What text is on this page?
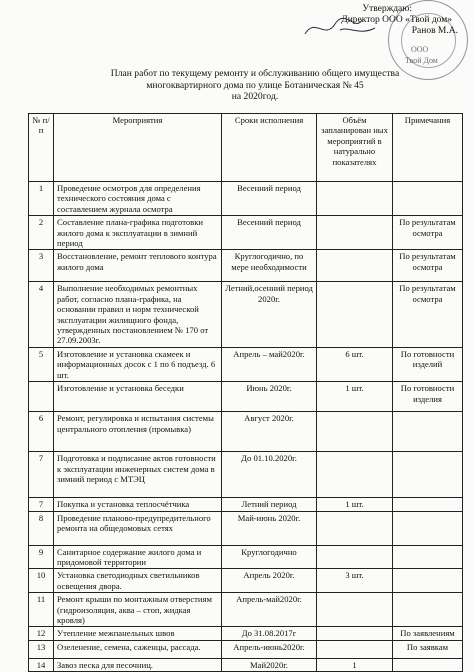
Утверждаю:
Директор ООО «Твой дом»
Ранов М.А.
ООО
Твой Дом
План работ по текущему ремонту и обслуживанию общего имущества
многоквартирного дома по улице Ботаническая № 45
на 2020год.
№ п/п	Мероприятия	Сроки исполнения	Объём запланирован ных мероприятий в натурально показателях	Примечания
1	Проведение осмотров для определения технического состояния дома с составлением журнала осмотра	Весенний период		
2	Составление плана-графика подготовки жилого дома к эксплуатации в зимний период	Весенний период		По результатам осмотра
3	Восстановление, ремонт теплового контура жилого дома	Круглогодично, по мере необходимости		По результатам осмотра
4	Выполнение необходимых ремонтных работ, согласно плана-графика, на основании правил и норм технической эксплуатации жилищного фонда, утвержденных постановлением № 170 от 27.09.2003г.	Летний,осенний период 2020г.		По результатам осмотра
5	Изготовление и установка скамеек и информационных досок с 1 по 6 подъезд. 6 шт.	Апрель – май2020г.	6 шт.	По готовности изделий
	Изготовление и установка беседки	Июнь 2020г.	1 шт.	По готовности изделия
6	Ремонт, регулировка и испытания системы центрального отопления (промывка)	Август 2020г.		
7	Подготовка и подписание актов готовности к эксплуатации инженерных систем дома в зимний период с МТЭЦ	До 01.10.2020г.		
7	Покупка и установка теплосчётчика	Летний период	1 шт.	
8	Проведение планово-предупредительного ремонта на общедомовых сетях	Май-июнь 2020г.		
9	Санитарное содержание жилого дома и придомовой территории	Круглогодично		
10	Установка светодиодных светильников освещения двора.	Апрель 2020г.	3 шт.	
11	Ремонт крыши по монтажным отверстиям (гидроизоляция, аква – стоп, жидкая кровля)	Апрель-май2020г.		
12	Утепление межпанельных швов	До 31.08.2017г		По заявлениям
13	Озеленение, семена, саженцы, рассада.	Апрель-июнь2020г.		По заявкам
14	Завоз песка для песочниц.	Май2020г.	1	
